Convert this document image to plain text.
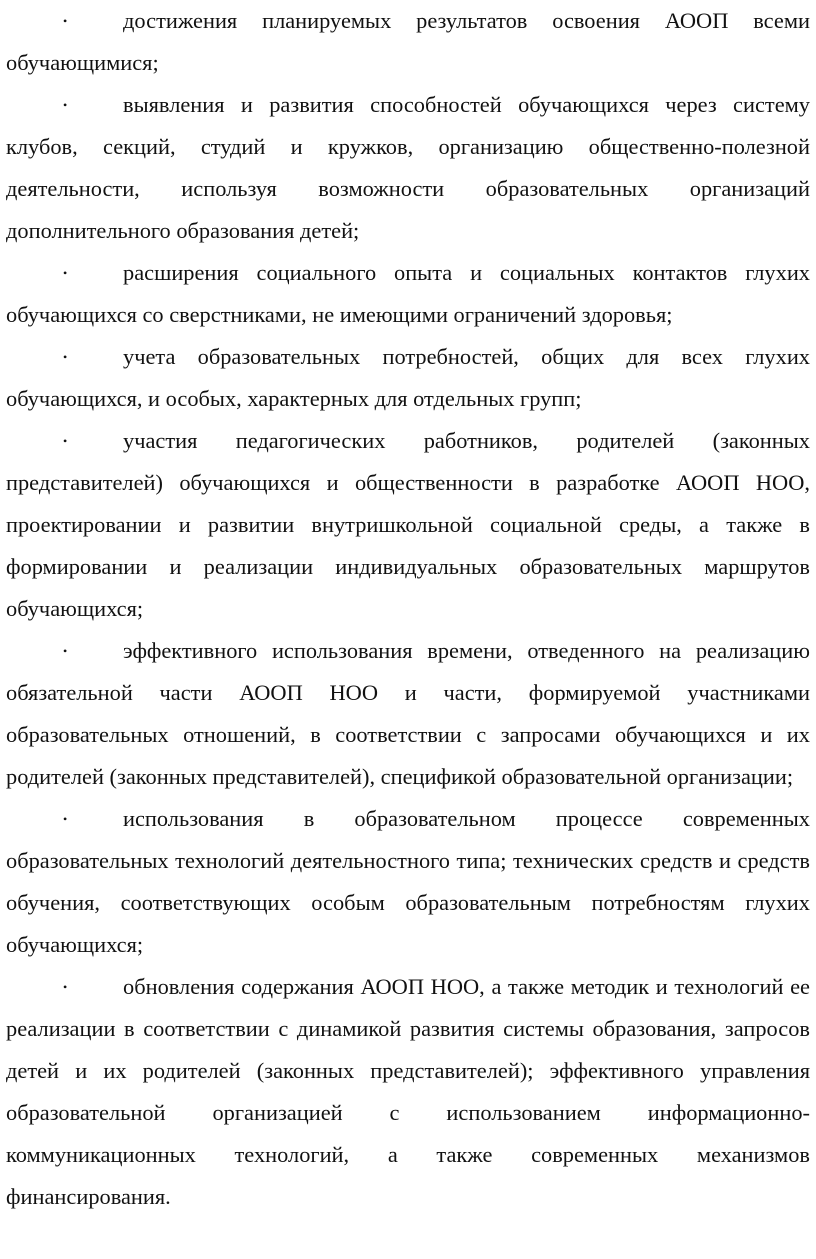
• достижения планируемых результатов освоения АООП всеми обучающимися;

• выявления и развития способностей обучающихся через систему клубов, секций, студий и кружков, организацию общественно-полезной деятельности, используя возможности образовательных организаций дополнительного образования детей;

• расширения социального опыта и социальных контактов глухих обучающихся со сверстниками, не имеющими ограничений здоровья;

• учета образовательных потребностей, общих для всех глухих обучающихся, и особых, характерных для отдельных групп;

• участия педагогических работников, родителей (законных представителей) обучающихся и общественности в разработке АООП НОО, проектировании и развитии внутришкольной социальной среды, а также в формировании и реализации индивидуальных образовательных маршрутов обучающихся;

• эффективного использования времени, отведенного на реализацию обязательной части АООП НОО и части, формируемой участниками образовательных отношений, в соответствии с запросами обучающихся и их родителей (законных представителей), спецификой образовательной организации;

• использования в образовательном процессе современных образовательных технологий деятельностного типа; технических средств и средств обучения, соответствующих особым образовательным потребностям глухих обучающихся;

• обновления содержания АООП НОО, а также методик и технологий ее реализации в соответствии с динамикой развития системы образования, запросов детей и их родителей (законных представителей); эффективного управления образовательной организацией с использованием информационно-коммуникационных технологий, а также современных механизмов финансирования.
